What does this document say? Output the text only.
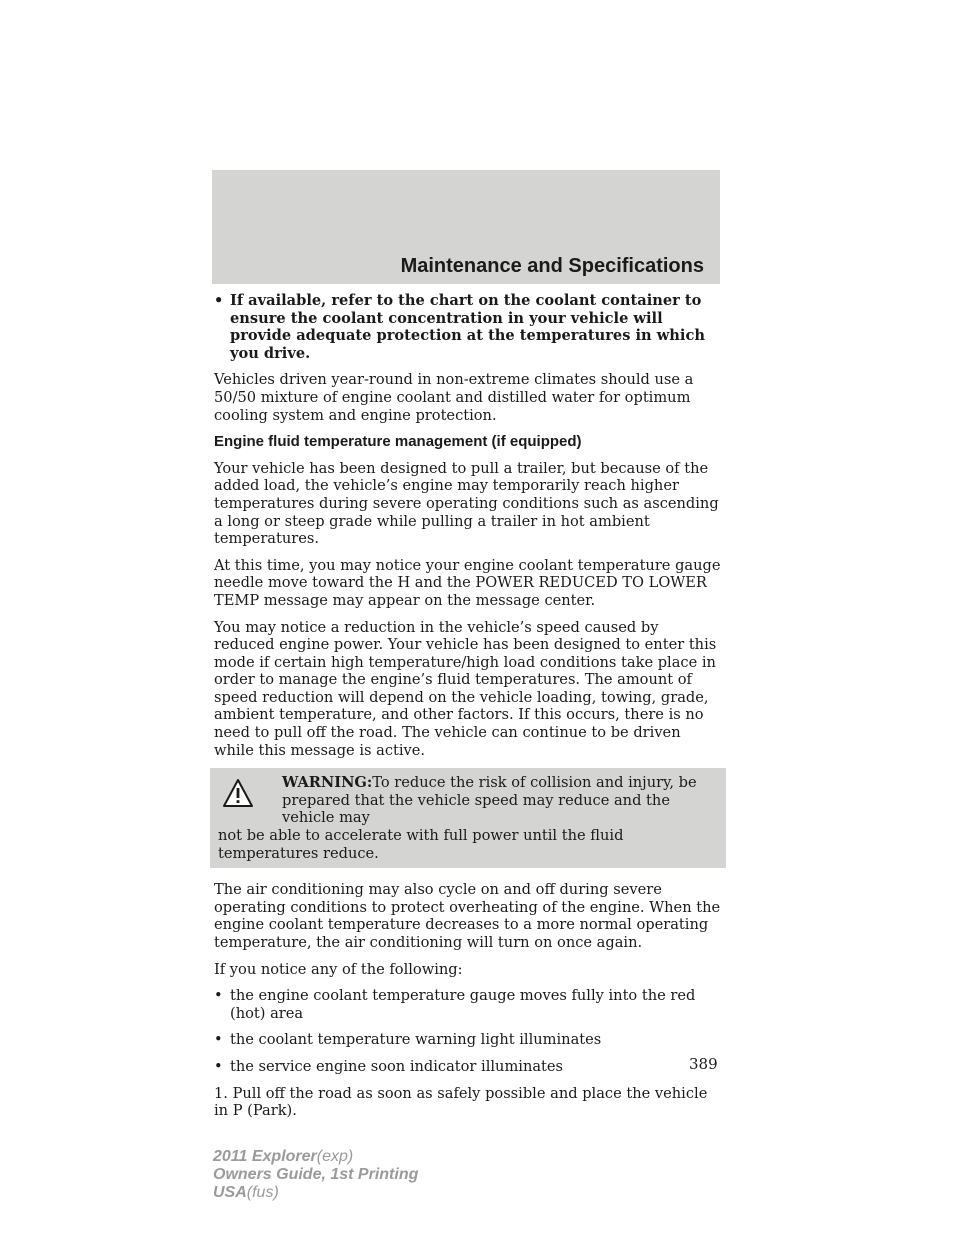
Maintenance and Specifications
• If available, refer to the chart on the coolant container to ensure the coolant concentration in your vehicle will provide adequate protection at the temperatures in which you drive.

Vehicles driven year-round in non-extreme climates should use a 50/50 mixture of engine coolant and distilled water for optimum cooling system and engine protection.

Engine fluid temperature management (if equipped)

Your vehicle has been designed to pull a trailer, but because of the added load, the vehicle’s engine may temporarily reach higher temperatures during severe operating conditions such as ascending a long or steep grade while pulling a trailer in hot ambient temperatures.

At this time, you may notice your engine coolant temperature gauge needle move toward the H and the POWER REDUCED TO LOWER TEMP message may appear on the message center.

You may notice a reduction in the vehicle’s speed caused by reduced engine power. Your vehicle has been designed to enter this mode if certain high temperature/high load conditions take place in order to manage the engine’s fluid temperatures. The amount of speed reduction will depend on the vehicle loading, towing, grade, ambient temperature, and other factors. If this occurs, there is no need to pull off the road. The vehicle can continue to be driven while this message is active.

WARNING:To reduce the risk of collision and injury, be
prepared that the vehicle speed may reduce and the vehicle may
not be able to accelerate with full power until the fluid temperatures reduce.

The air conditioning may also cycle on and off during severe operating conditions to protect overheating of the engine. When the engine coolant temperature decreases to a more normal operating temperature, the air conditioning will turn on once again.

If you notice any of the following:

• the engine coolant temperature gauge moves fully into the red (hot) area
• the coolant temperature warning light illuminates
• the service engine soon indicator illuminates

1. Pull off the road as soon as safely possible and place the vehicle in P (Park).

389
2011 Explorer(exp)
Owners Guide, 1st Printing
USA(fus)
